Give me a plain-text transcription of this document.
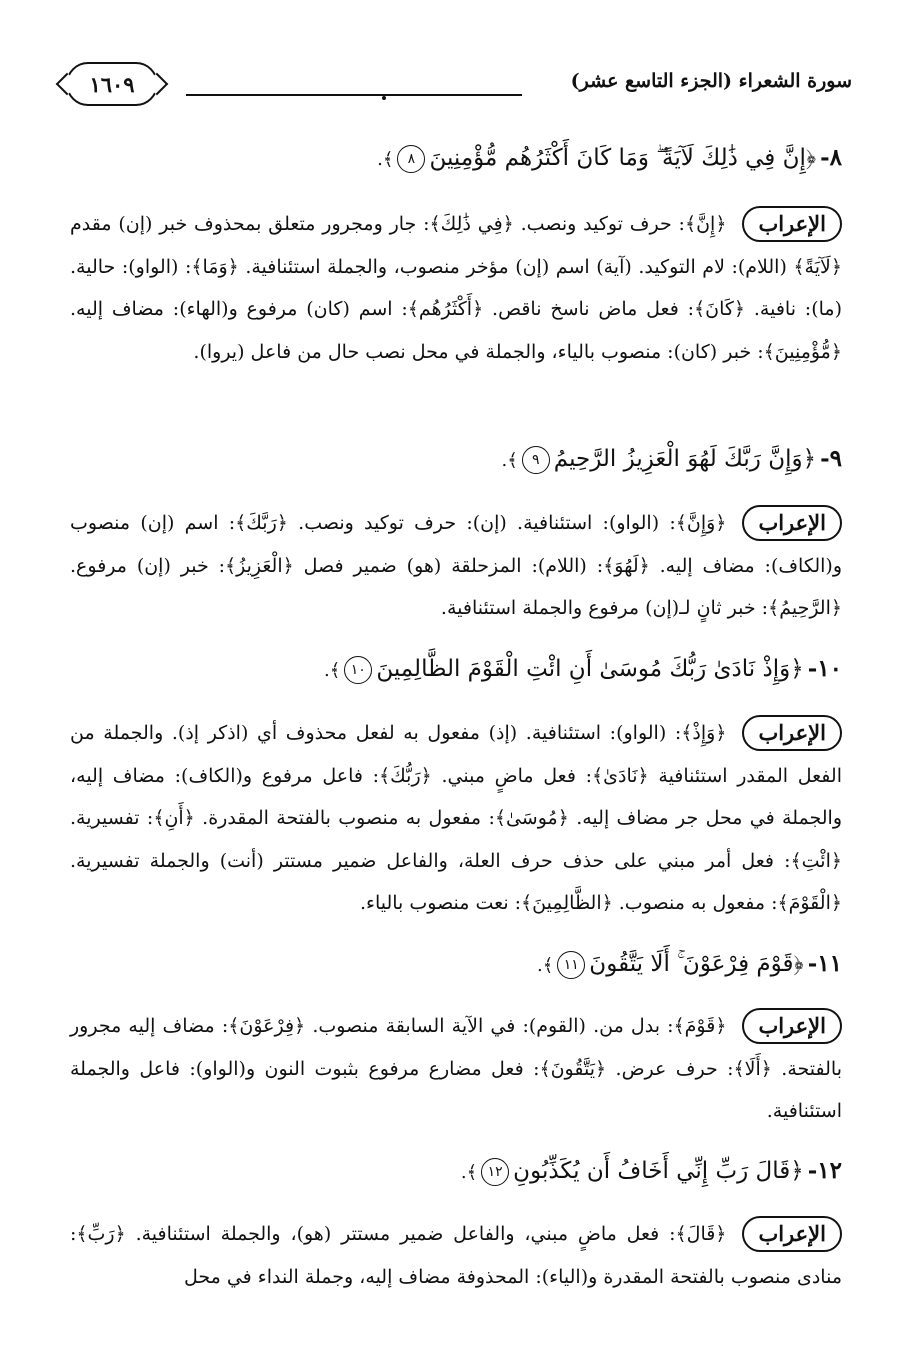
سورة الشعراء (الجزء التاسع عشر)
١٦٠٩
٨-﴿إِنَّ فِي ذَٰلِكَ لَآيَةً ۖ وَمَا كَانَ أَكْثَرُهُم مُّؤْمِنِينَ٨﴾.
الإعراب
﴿إِنَّ﴾: حرف توكيد ونصب. ﴿فِي ذَٰلِكَ﴾: جار ومجرور متعلق بمحذوف خبر (إن) مقدم ﴿لَآيَةً﴾ (اللام): لام التوكيد. (آية) اسم (إن) مؤخر منصوب، والجملة استئنافية. ﴿وَمَا﴾: (الواو): حالية. (ما): نافية. ﴿كَانَ﴾: فعل ماض ناسخ ناقص. ﴿أَكْثَرُهُم﴾: اسم (كان) مرفوع و(الهاء): مضاف إليه. ﴿مُّؤْمِنِينَ﴾: خبر (كان): منصوب بالياء، والجملة في محل نصب حال من فاعل (يروا).
٩-﴿وَإِنَّ رَبَّكَ لَهُوَ الْعَزِيزُ الرَّحِيمُ٩﴾.
الإعراب
﴿وَإِنَّ﴾: (الواو): استئنافية. (إن): حرف توكيد ونصب. ﴿رَبَّكَ﴾: اسم (إن) منصوب و(الكاف): مضاف إليه. ﴿لَهُوَ﴾: (اللام): المزحلقة (هو) ضمير فصل ﴿الْعَزِيزُ﴾: خبر (إن) مرفوع. ﴿الرَّحِيمُ﴾: خبر ثانٍ لـ(إن) مرفوع والجملة استئنافية.
١٠-﴿وَإِذْ نَادَىٰ رَبُّكَ مُوسَىٰ أَنِ ائْتِ الْقَوْمَ الظَّالِمِينَ١٠﴾.
الإعراب
﴿وَإِذْ﴾: (الواو): استئنافية. (إذ) مفعول به لفعل محذوف أي (اذكر إذ). والجملة من الفعل المقدر استئنافية ﴿نَادَىٰ﴾: فعل ماضٍ مبني. ﴿رَبُّكَ﴾: فاعل مرفوع و(الكاف): مضاف إليه، والجملة في محل جر مضاف إليه. ﴿مُوسَىٰ﴾: مفعول به منصوب بالفتحة المقدرة. ﴿أَنِ﴾: تفسيرية. ﴿ائْتِ﴾: فعل أمر مبني على حذف حرف العلة، والفاعل ضمير مستتر (أنت) والجملة تفسيرية. ﴿الْقَوْمَ﴾: مفعول به منصوب. ﴿الظَّالِمِينَ﴾: نعت منصوب بالياء.
١١-﴿قَوْمَ فِرْعَوْنَ ۚ أَلَا يَتَّقُونَ١١﴾.
الإعراب
﴿قَوْمَ﴾: بدل من. (القوم): في الآية السابقة منصوب. ﴿فِرْعَوْنَ﴾: مضاف إليه مجرور بالفتحة. ﴿أَلَا﴾: حرف عرض. ﴿يَتَّقُونَ﴾: فعل مضارع مرفوع بثبوت النون و(الواو): فاعل والجملة استئنافية.
١٢-﴿قَالَ رَبِّ إِنِّي أَخَافُ أَن يُكَذِّبُونِ١٢﴾.
الإعراب
﴿قَالَ﴾: فعل ماضٍ مبني، والفاعل ضمير مستتر (هو)، والجملة استئنافية. ﴿رَبِّ﴾: منادى منصوب بالفتحة المقدرة و(الياء): المحذوفة مضاف إليه، وجملة النداء في محل
